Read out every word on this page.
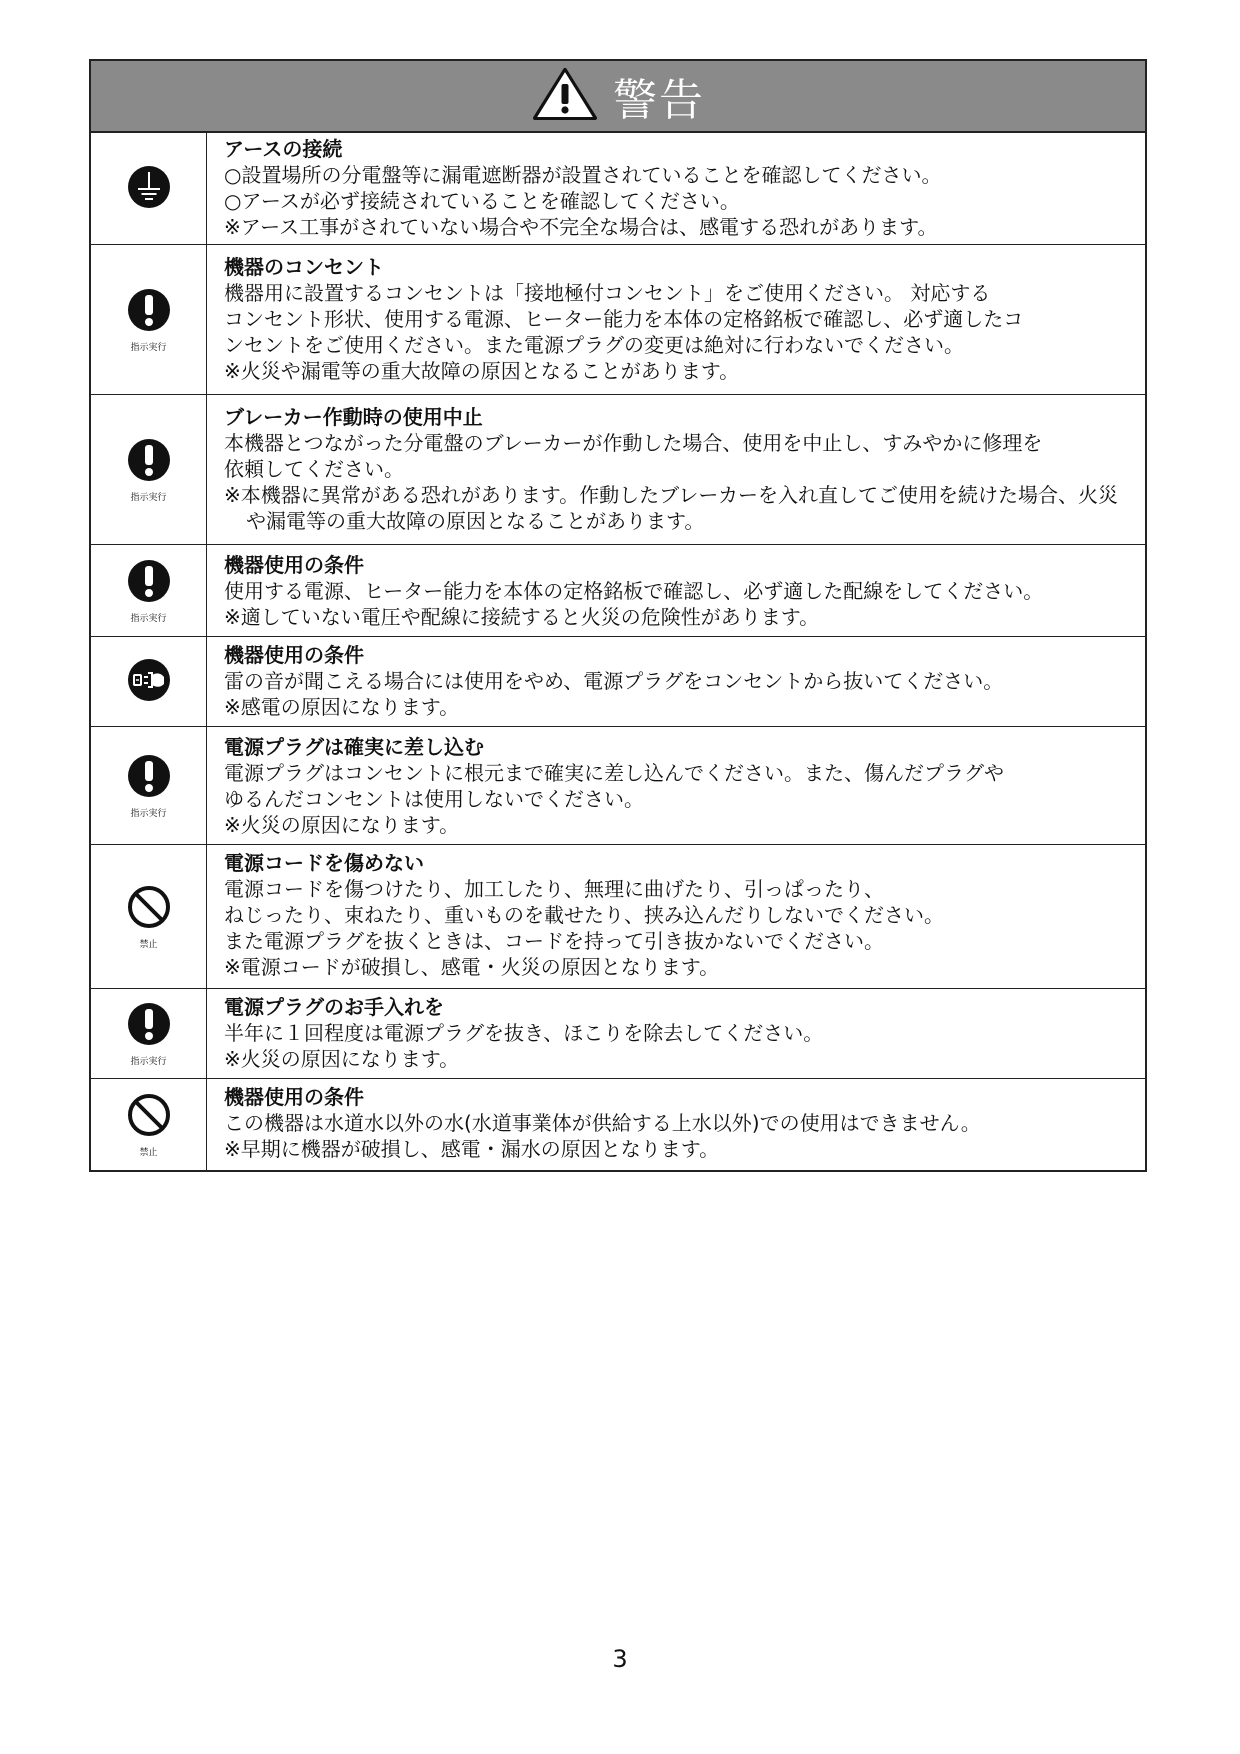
警告
アースの接続
○設置場所の分電盤等に漏電遮断器が設置されていることを確認してください。
○アースが必ず接続されていることを確認してください。
※アース工事がされていない場合や不完全な場合は、感電する恐れがあります。
指示実行
機器のコンセント
機器用に設置するコンセントは「接地極付コンセント」をご使用ください。 対応する
コンセント形状、使用する電源、ヒーター能力を本体の定格銘板で確認し、必ず適したコ
ンセントをご使用ください。また電源プラグの変更は絶対に行わないでください。
※火災や漏電等の重大故障の原因となることがあります。
指示実行
ブレーカー作動時の使用中止
本機器とつながった分電盤のブレーカーが作動した場合、使用を中止し、すみやかに修理を
依頼してください。
※本機器に異常がある恐れがあります。作動したブレーカーを入れ直してご使用を続けた場合、火災や漏電等の重大故障の原因となることがあります。
指示実行
機器使用の条件
使用する電源、ヒーター能力を本体の定格銘板で確認し、必ず適した配線をしてください。
※適していない電圧や配線に接続すると火災の危険性があります。
機器使用の条件
雷の音が聞こえる場合には使用をやめ、電源プラグをコンセントから抜いてください。
※感電の原因になります。
指示実行
電源プラグは確実に差し込む
電源プラグはコンセントに根元まで確実に差し込んでください。また、傷んだプラグや
ゆるんだコンセントは使用しないでください。
※火災の原因になります。
禁止
電源コードを傷めない
電源コードを傷つけたり、加工したり、無理に曲げたり、引っぱったり、
ねじったり、束ねたり、重いものを載せたり、挟み込んだりしないでください。
また電源プラグを抜くときは、コードを持って引き抜かないでください。
※電源コードが破損し、感電・火災の原因となります。
指示実行
電源プラグのお手入れを
半年に１回程度は電源プラグを抜き、ほこりを除去してください。
※火災の原因になります。
禁止
機器使用の条件
この機器は水道水以外の水(水道事業体が供給する上水以外)での使用はできません。
※早期に機器が破損し、感電・漏水の原因となります。
3
